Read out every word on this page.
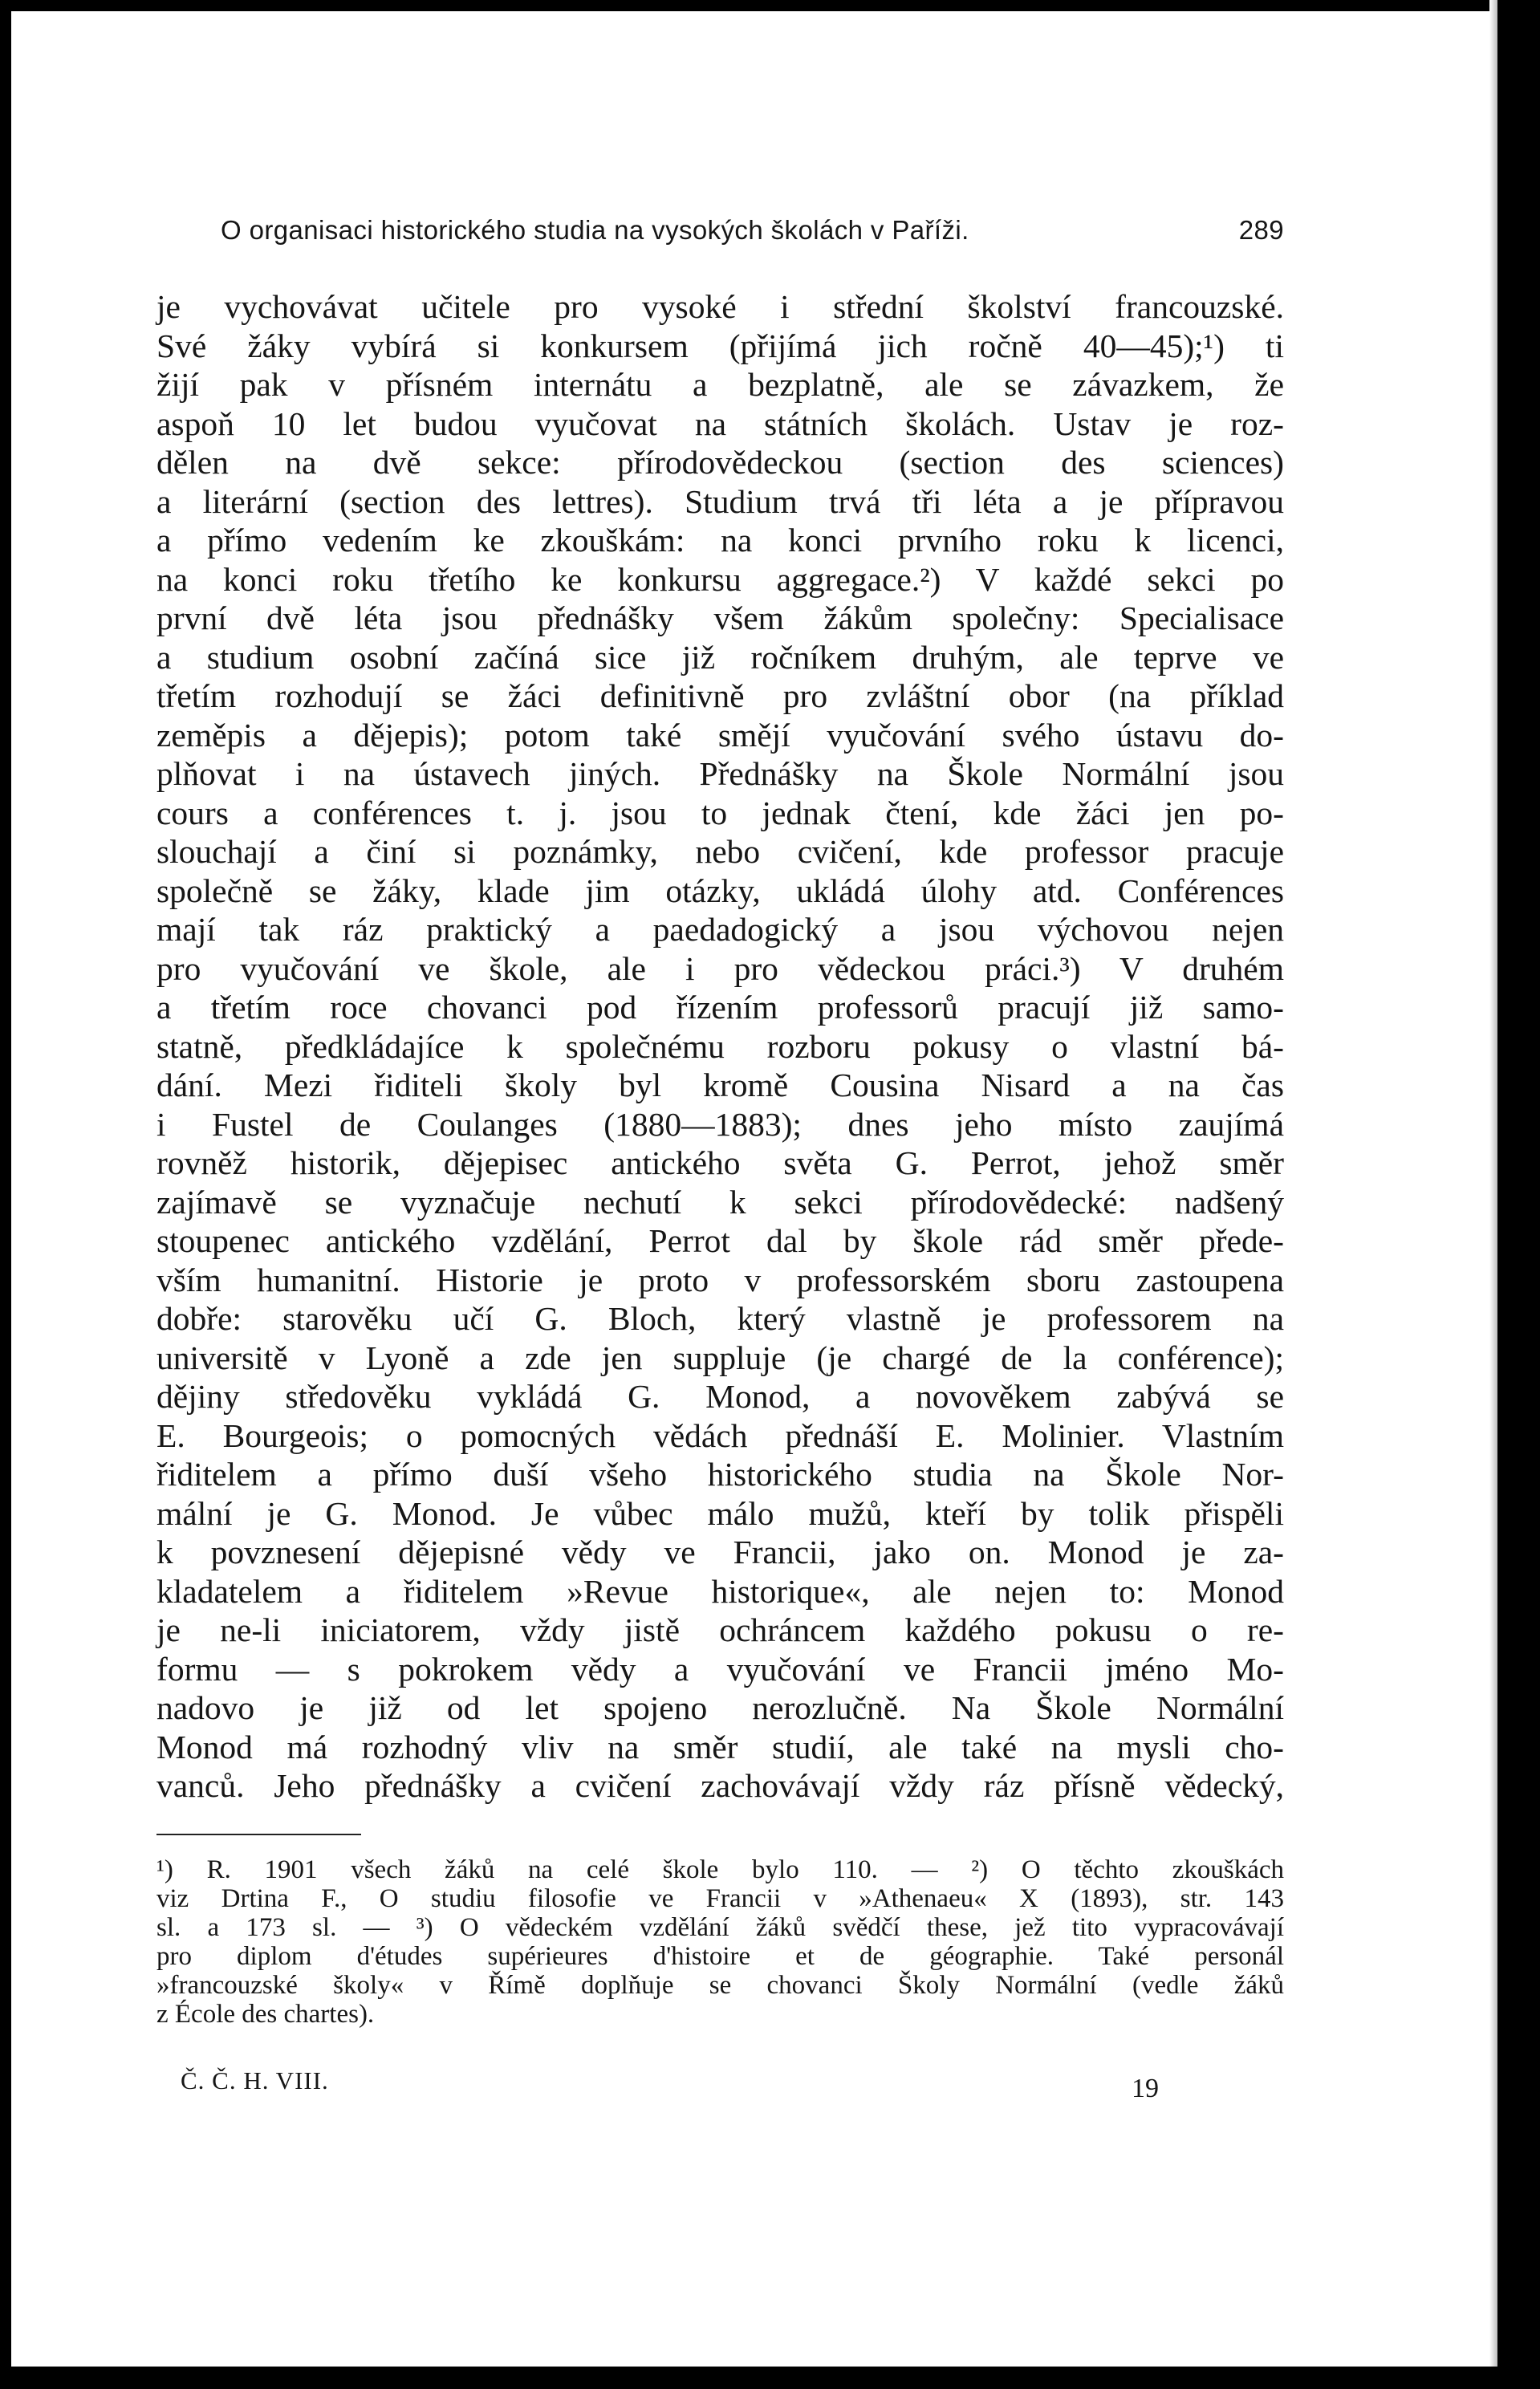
O organisaci historického studia na vysokých školách v Paříži.	289
je vychovávat učitele pro vysoké i střední školství francouzské.
Své žáky vybírá si konkursem (přijímá jich ročně 40—45);¹) ti
žijí pak v přísném internátu a bezplatně, ale se závazkem, že
aspoň 10 let budou vyučovat na státních školách. Ustav je roz-
dělen na dvě sekce: přírodovědeckou (section des sciences)
a literární (section des lettres). Studium trvá tři léta a je přípravou
a přímo vedením ke zkouškám: na konci prvního roku k licenci,
na konci roku třetího ke konkursu aggregace.²) V každé sekci po
první dvě léta jsou přednášky všem žákům společny: Specialisace
a studium osobní začíná sice již ročníkem druhým, ale teprve ve
třetím rozhodují se žáci definitivně pro zvláštní obor (na příklad
zeměpis a dějepis); potom také smějí vyučování svého ústavu do-
plňovat i na ústavech jiných. Přednášky na Škole Normální jsou
cours a conférences t. j. jsou to jednak čtení, kde žáci jen po-
slouchají a činí si poznámky, nebo cvičení, kde professor pracuje
společně se žáky, klade jim otázky, ukládá úlohy atd. Conférences
mají tak ráz praktický a paedadogický a jsou výchovou nejen
pro vyučování ve škole, ale i pro vědeckou práci.³) V druhém
a třetím roce chovanci pod řízením professorů pracují již samo-
statně, předkládajíce k společnému rozboru pokusy o vlastní bá-
dání. Mezi řiditeli školy byl kromě Cousina Nisard a na čas
i Fustel de Coulanges (1880—1883); dnes jeho místo zaujímá
rovněž historik, dějepisec antického světa G. Perrot, jehož směr
zajímavě se vyznačuje nechutí k sekci přírodovědecké: nadšený
stoupenec antického vzdělání, Perrot dal by škole rád směr přede-
vším humanitní. Historie je proto v professorském sboru zastoupena
dobře: starověku učí G. Bloch, který vlastně je professorem na
universitě v Lyoně a zde jen suppluje (je chargé de la conférence);
dějiny středověku vykládá G. Monod, a novověkem zabývá se
E. Bourgeois; o pomocných vědách přednáší E. Molinier. Vlastním
řiditelem a přímo duší všeho historického studia na Škole Nor-
mální je G. Monod. Je vůbec málo mužů, kteří by tolik přispěli
k povznesení dějepisné vědy ve Francii, jako on. Monod je za-
kladatelem a řiditelem »Revue historique«, ale nejen to: Monod
je ne-li iniciatorem, vždy jistě ochráncem každého pokusu o re-
formu — s pokrokem vědy a vyučování ve Francii jméno Mo-
nadovo je již od let spojeno nerozlučně. Na Škole Normální
Monod má rozhodný vliv na směr studií, ale také na mysli cho-
vanců. Jeho přednášky a cvičení zachovávají vždy ráz přísně vědecký,
¹) R. 1901 všech žáků na celé škole bylo 110. — ²) O těchto zkouškách
viz Drtina F., O studiu filosofie ve Francii v »Athenaeu« X (1893), str. 143
sl. a 173 sl. — ³) O vědeckém vzdělání žáků svědčí these, jež tito vypracovávají
pro diplom d'études supérieures d'histoire et de géographie. Také personál
»francouzské školy« v Římě doplňuje se chovanci Školy Normální (vedle žáků
z École des chartes).
Č. Č. H. VIII.	19
